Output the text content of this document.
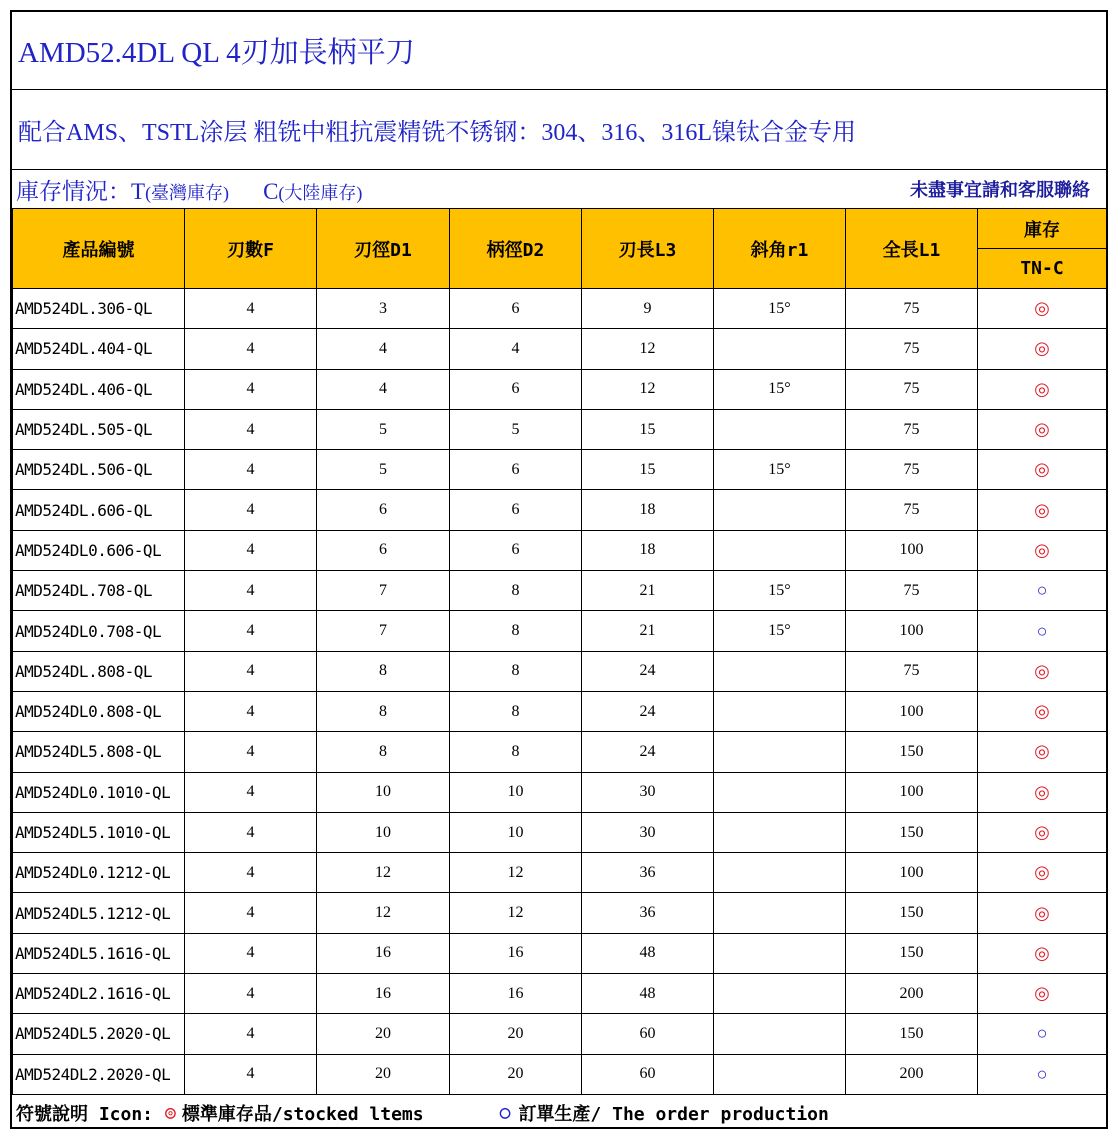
AMD52.4DL QL 4刃加長柄平刀
配合AMS、TSTL涂层 粗铣中粗抗震精铣不锈钢：304、316、316L镍钛合金专用
庫存情況：T(臺灣庫存) C(大陸庫存)	未盡事宜請和客服聯絡
產品編號	刃數F	刃徑D1	柄徑D2	刃長L3	斜角r1	全長L1	庫存
							TN-C
AMD524DL.306-QL	4	3	6	9	15°	75	◎
AMD524DL.404-QL	4	4	4	12		75	◎
AMD524DL.406-QL	4	4	6	12	15°	75	◎
AMD524DL.505-QL	4	5	5	15		75	◎
AMD524DL.506-QL	4	5	6	15	15°	75	◎
AMD524DL.606-QL	4	6	6	18		75	◎
AMD524DL0.606-QL	4	6	6	18		100	◎
AMD524DL.708-QL	4	7	8	21	15°	75	○
AMD524DL0.708-QL	4	7	8	21	15°	100	○
AMD524DL.808-QL	4	8	8	24		75	◎
AMD524DL0.808-QL	4	8	8	24		100	◎
AMD524DL5.808-QL	4	8	8	24		150	◎
AMD524DL0.1010-QL	4	10	10	30		100	◎
AMD524DL5.1010-QL	4	10	10	30		150	◎
AMD524DL0.1212-QL	4	12	12	36		100	◎
AMD524DL5.1212-QL	4	12	12	36		150	◎
AMD524DL5.1616-QL	4	16	16	48		150	◎
AMD524DL2.1616-QL	4	16	16	48		200	◎
AMD524DL5.2020-QL	4	20	20	60		150	○
AMD524DL2.2020-QL	4	20	20	60		200	○
符號說明 Icon: ◎ 標準庫存品/stocked ltems	○ 訂單生產/ The order production
